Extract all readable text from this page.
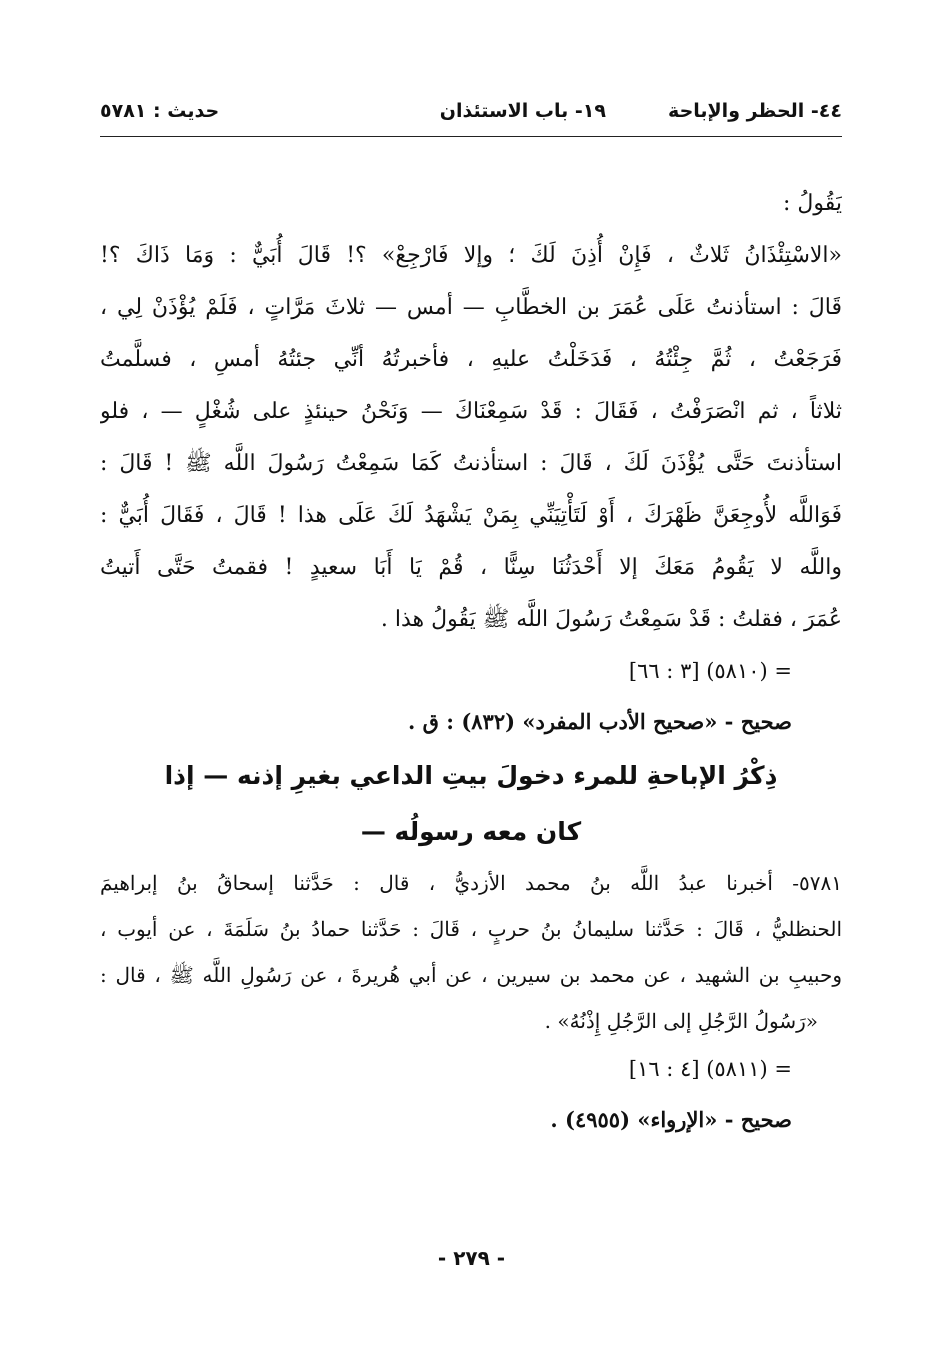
٤٤- الحظر والإباحة
١٩- باب الاستئذان
حديث : ٥٧٨١
يَقُولُ :
«الاسْتِئْذَانُ ثَلاثٌ ، فَإِنْ أُذِنَ لَكَ ؛ وإلا فَارْجِعْ» ؟! قَالَ أُبَيٌّ : وَمَا ذَاكَ ؟!
قَالَ : استأذنتُ عَلَى عُمَرَ بن الخطَّابِ — أمس — ثلاثَ مَرَّاتٍ ، فَلَمْ يُؤْذَنْ لِي ،
فَرَجَعْتُ ، ثُمَّ جِئْتُهُ ، فَدَخَلْتُ عليهِ ، فأخبرتُهُ أنِّي جئتُهُ أمسِ ، فسلَّمتُ
ثلاثاً ، ثم انْصَرَفْتُ ، فَقَالَ : قَدْ سَمِعْنَاكَ — وَنَحْنُ حينئذٍ على شُغْلٍ — ، فلو
استأذنتَ حَتَّى يُؤْذَنَ لَكَ ، قَالَ : استأذنتُ كَمَا سَمِعْتُ رَسُولَ اللَّه ﷺ ! قَالَ :
فَوَاللَّه لأُوجِعَنَّ ظَهْرَكَ ، أَوْ لَتَأْتِيَنِّي بِمَنْ يَشْهَدُ لَكَ عَلَى هذا ! قَالَ ، فَقَالَ أُبَيٌّ :
واللَّه لا يَقُومُ مَعَكَ إلا أَحْدَثُنَا سِنًّا ، قُمْ يَا أَبَا سعيدٍ ! فقمتُ حَتَّى أَتيتُ
عُمَرَ ، فقلتُ : قَدْ سَمِعْتُ رَسُولَ اللَّه ﷺ يَقُولُ هذا .
= (٥٨١٠) [٣ : ٦٦]
صحيح - «صحيح الأدب المفرد» (٨٣٢) : ق .
ذِكْرُ الإباحةِ للمرء دخولَ بيتِ الداعي بغيرِ إذنه — إذا
كان معه رسولُه —
٥٧٨١- أخبرنا عبدُ اللَّه بنُ محمد الأزديُّ ، قال : حَدَّثنا إسحاقُ بنُ إبراهيمَ
الحنظليُّ ، قَالَ : حَدَّثنا سليمانُ بنُ حربٍ ، قَالَ : حَدَّثنا حمادُ بنُ سَلَمَةَ ، عن أيوب ،
وحبيبِ بن الشهيد ، عن محمد بن سيرين ، عن أبي هُريرةَ ، عن رَسُولِ اللَّه ﷺ ، قال :
«رَسُولُ الرَّجُلِ إلى الرَّجُلِ إِذْنُهُ» .
= (٥٨١١) [٤ : ١٦]
صحيح - «الإرواء» (٤٩٥٥) .
- ٢٧٩ -
